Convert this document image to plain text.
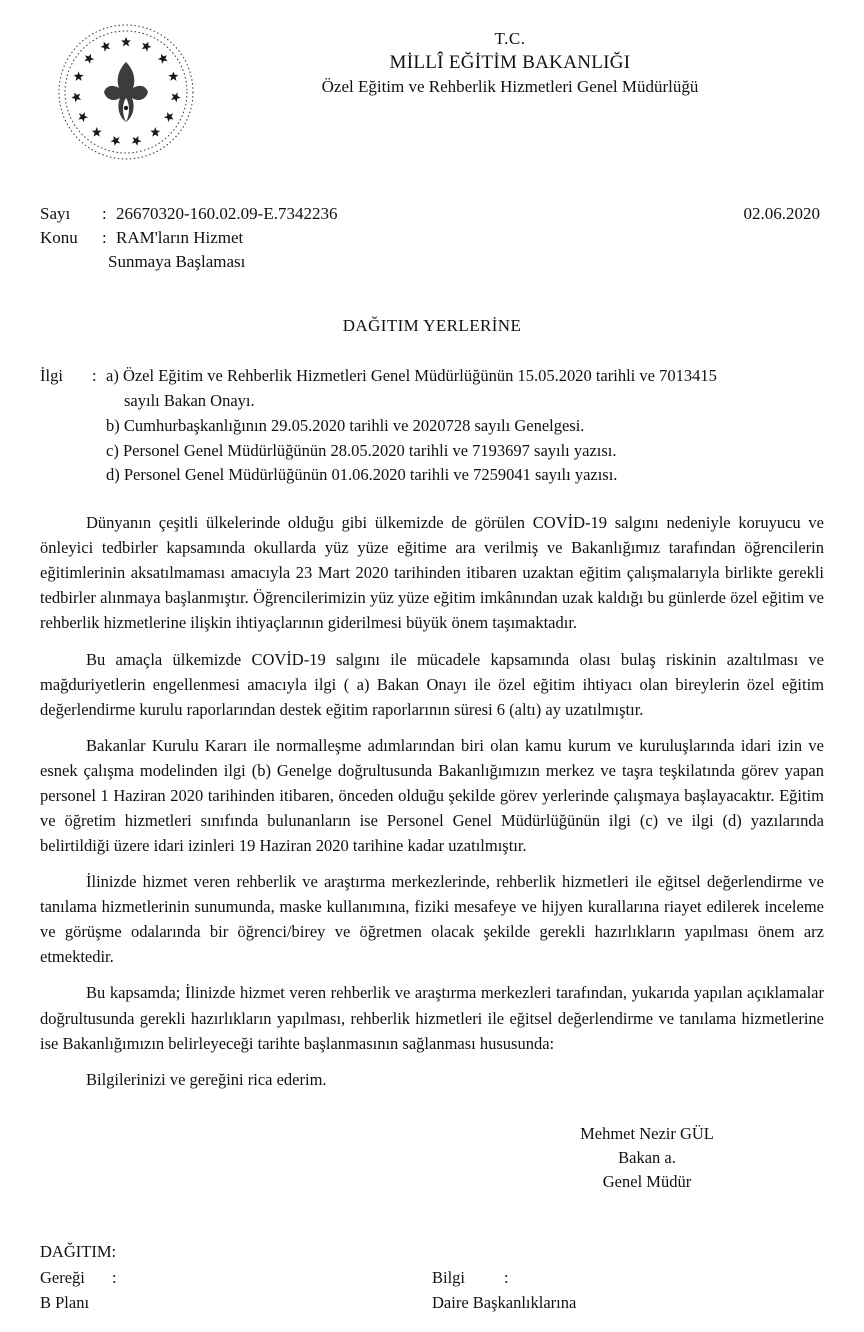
T.C.
MİLLÎ EĞİTİM BAKANLIĞI
Özel Eğitim ve Rehberlik Hizmetleri Genel Müdürlüğü
02.06.2020
Sayı	: 26670320-160.02.09-E.7342236
Konu	: RAM'ların Hizmet
Sunmaya Başlaması
DAĞITIM YERLERİNE
İlgi	: a) Özel Eğitim ve Rehberlik Hizmetleri Genel Müdürlüğünün 15.05.2020 tarihli ve 7013415
sayılı Bakan Onayı.
b) Cumhurbaşkanlığının 29.05.2020 tarihli ve 2020728 sayılı Genelgesi.
c) Personel Genel Müdürlüğünün 28.05.2020 tarihli ve 7193697 sayılı yazısı.
d) Personel Genel Müdürlüğünün 01.06.2020 tarihli ve 7259041 sayılı yazısı.

Dünyanın çeşitli ülkelerinde olduğu gibi ülkemizde de görülen COVİD-19 salgını nedeniyle koruyucu ve önleyici tedbirler kapsamında okullarda yüz yüze eğitime ara verilmiş ve Bakanlığımız tarafından öğrencilerin eğitimlerinin aksatılmaması amacıyla 23 Mart 2020 tarihinden itibaren uzaktan eğitim çalışmalarıyla birlikte gerekli tedbirler alınmaya başlanmıştır. Öğrencilerimizin yüz yüze eğitim imkânından uzak kaldığı bu günlerde özel eğitim ve rehberlik hizmetlerine ilişkin ihtiyaçlarının giderilmesi büyük önem taşımaktadır.

Bu amaçla ülkemizde COVİD-19 salgını ile mücadele kapsamında olası bulaş riskinin azaltılması ve mağduriyetlerin engellenmesi amacıyla ilgi ( a) Bakan Onayı ile özel eğitim ihtiyacı olan bireylerin özel eğitim değerlendirme kurulu raporlarından destek eğitim raporlarının süresi 6 (altı) ay uzatılmıştır.

Bakanlar Kurulu Kararı ile normalleşme adımlarından biri olan kamu kurum ve kuruluşlarında idari izin ve esnek çalışma modelinden ilgi (b) Genelge doğrultusunda Bakanlığımızın merkez ve taşra teşkilatında görev yapan personel 1 Haziran 2020 tarihinden itibaren, önceden olduğu şekilde görev yerlerinde çalışmaya başlayacaktır. Eğitim ve öğretim hizmetleri sınıfında bulunanların ise Personel Genel Müdürlüğünün ilgi (c) ve ilgi (d) yazılarında belirtildiği üzere idari izinleri 19 Haziran 2020 tarihine kadar uzatılmıştır.

İlinizde hizmet veren rehberlik ve araştırma merkezlerinde, rehberlik hizmetleri ile eğitsel değerlendirme ve tanılama hizmetlerinin sunumunda, maske kullanımına, fiziki mesafeye ve hijyen kurallarına riayet edilerek inceleme ve görüşme odalarında bir öğrenci/birey ve öğretmen olacak şekilde gerekli hazırlıkların yapılması önem arz etmektedir.

Bu kapsamda; İlinizde hizmet veren rehberlik ve araştırma merkezleri tarafından, yukarıda yapılan açıklamalar doğrultusunda gerekli hazırlıkların yapılması, rehberlik hizmetleri ile eğitsel değerlendirme ve tanılama hizmetlerine ise Bakanlığımızın belirleyeceği tarihte başlanmasının sağlanması hususunda:

Bilgilerinizi ve gereğini rica ederim.

Mehmet Nezir GÜL
Bakan a.
Genel Müdür
DAĞITIM:
Gereği	:
B Planı
Bilgi	:
Daire Başkanlıklarına
